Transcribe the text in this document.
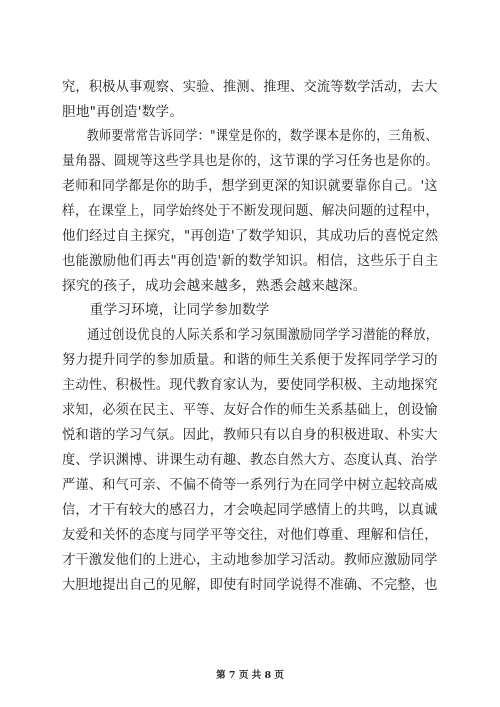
究，积极从事观察、实验、推测、推理、交流等数学活动，去大
胆地"再创造'数学。
　　教师要常常告诉同学："课堂是你的，数学课本是你的，三角板、
量角器、圆规等这些学具也是你的，这节课的学习任务也是你的。
老师和同学都是你的助手，想学到更深的知识就要靠你自己。'这
样，在课堂上，同学始终处于不断发现问题、解决问题的过程中，
他们经过自主探究，"再创造'了数学知识，其成功后的喜悦定然
也能激励他们再去"再创造'新的数学知识。相信，这些乐于自主
探究的孩子，成功会越来越多，熟悉会越来越深。
　　重学习环境，让同学参加数学
　　通过创设优良的人际关系和学习氛围激励同学学习潜能的释放，
努力提升同学的参加质量。和谐的师生关系便于发挥同学学习的
主动性、积极性。现代教育家认为，要使同学积极、主动地探究
求知，必须在民主、平等、友好合作的师生关系基础上，创设愉
悦和谐的学习气氛。因此，教师只有以自身的积极进取、朴实大
度、学识渊博、讲课生动有趣、教态自然大方、态度认真、治学
严谨、和气可亲、不偏不倚等一系列行为在同学中树立起较高威
信，才干有较大的感召力，才会唤起同学感情上的共鸣，以真诚
友爱和关怀的态度与同学平等交往，对他们尊重、理解和信任，
才干激发他们的上进心，主动地参加学习活动。教师应激励同学
大胆地提出自己的见解，即使有时同学说得不准确、不完整，也
第 7 页 共 8 页
